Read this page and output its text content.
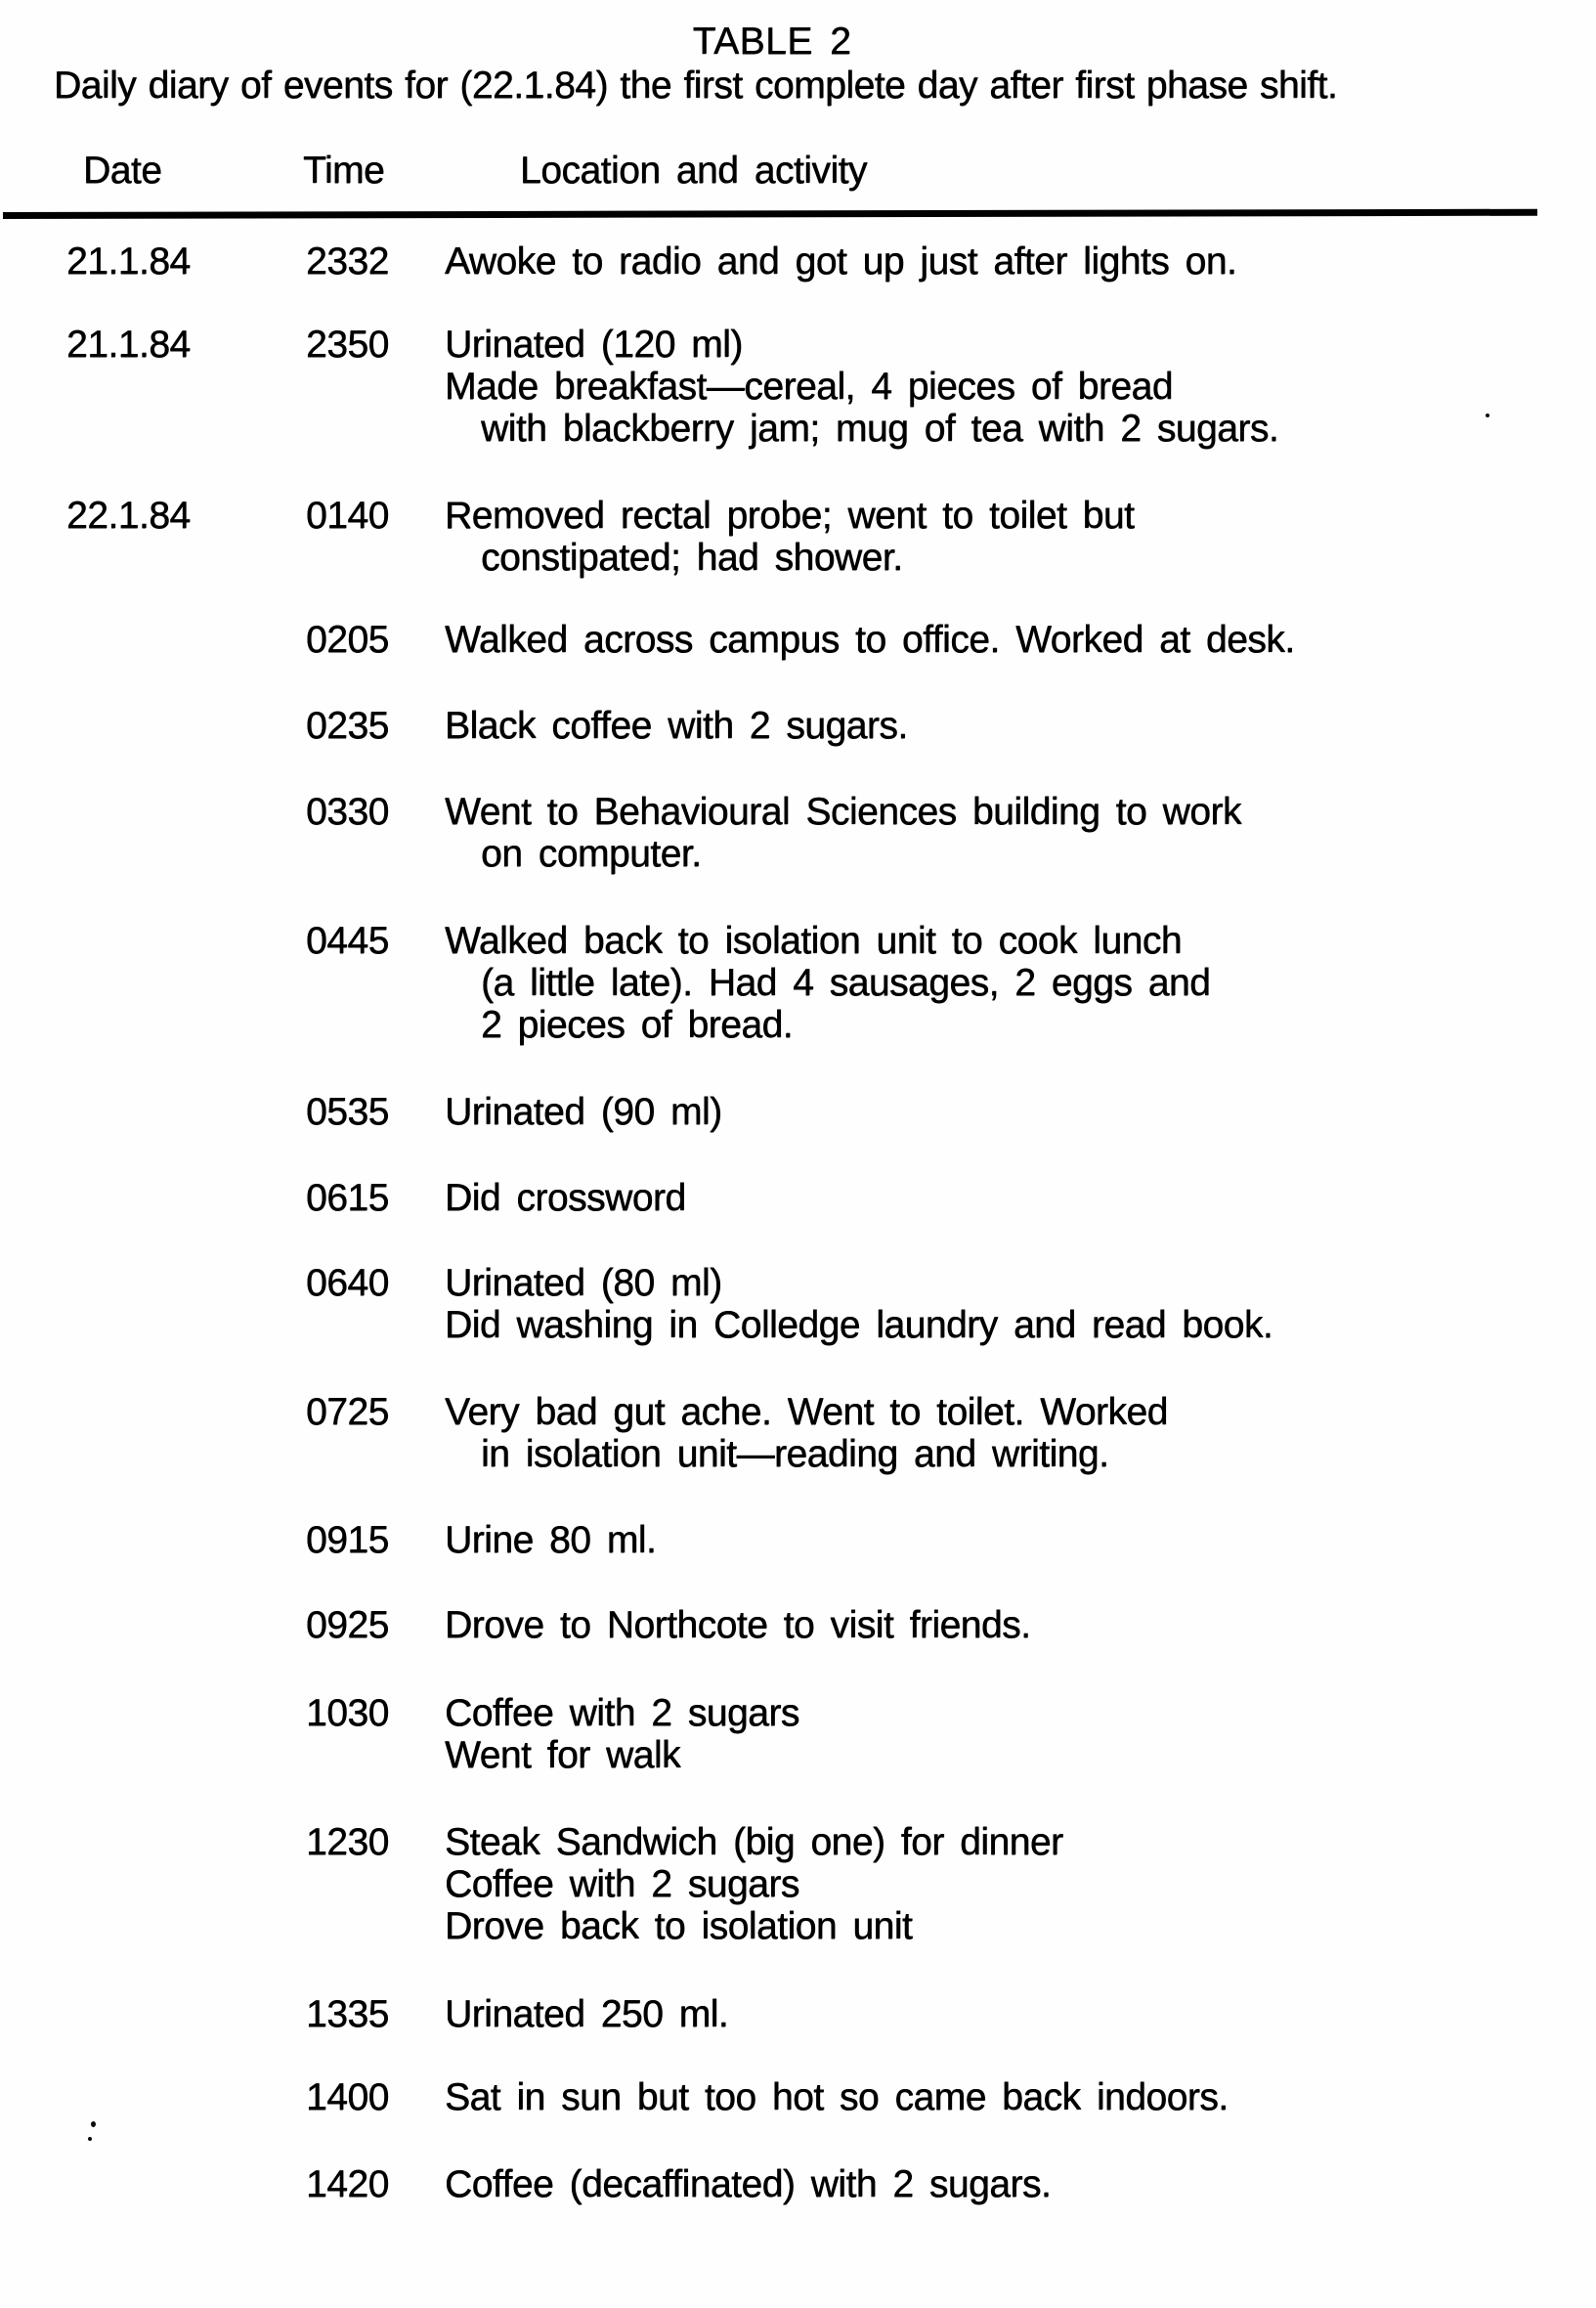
TABLE 2
Daily diary of events for (22.1.84) the first complete day after first phase shift.
Date	Time	Location and activity
21.1.84	2332 Awoke to radio and got up just after lights on.
21.1.84	2350 Urinated (120 ml)
Made breakfast—cereal, 4 pieces of bread
with blackberry jam; mug of tea with 2 sugars.
22.1.84	0140 Removed rectal probe; went to toilet but
constipated; had shower.
0205 Walked across campus to office. Worked at desk.
0235 Black coffee with 2 sugars.
0330 Went to Behavioural Sciences building to work
on computer.
0445 Walked back to isolation unit to cook lunch
(a little late). Had 4 sausages, 2 eggs and
2 pieces of bread.
0535 Urinated (90 ml)
0615 Did crossword
0640 Urinated (80 ml)
Did washing in Colledge laundry and read book.
0725 Very bad gut ache. Went to toilet. Worked
in isolation unit—reading and writing.
0915 Urine 80 ml.
0925 Drove to Northcote to visit friends.
1030 Coffee with 2 sugars
Went for walk
1230 Steak Sandwich (big one) for dinner
Coffee with 2 sugars
Drove back to isolation unit
1335 Urinated 250 ml.
1400 Sat in sun but too hot so came back indoors.
1420 Coffee (decaffinated) with 2 sugars.
